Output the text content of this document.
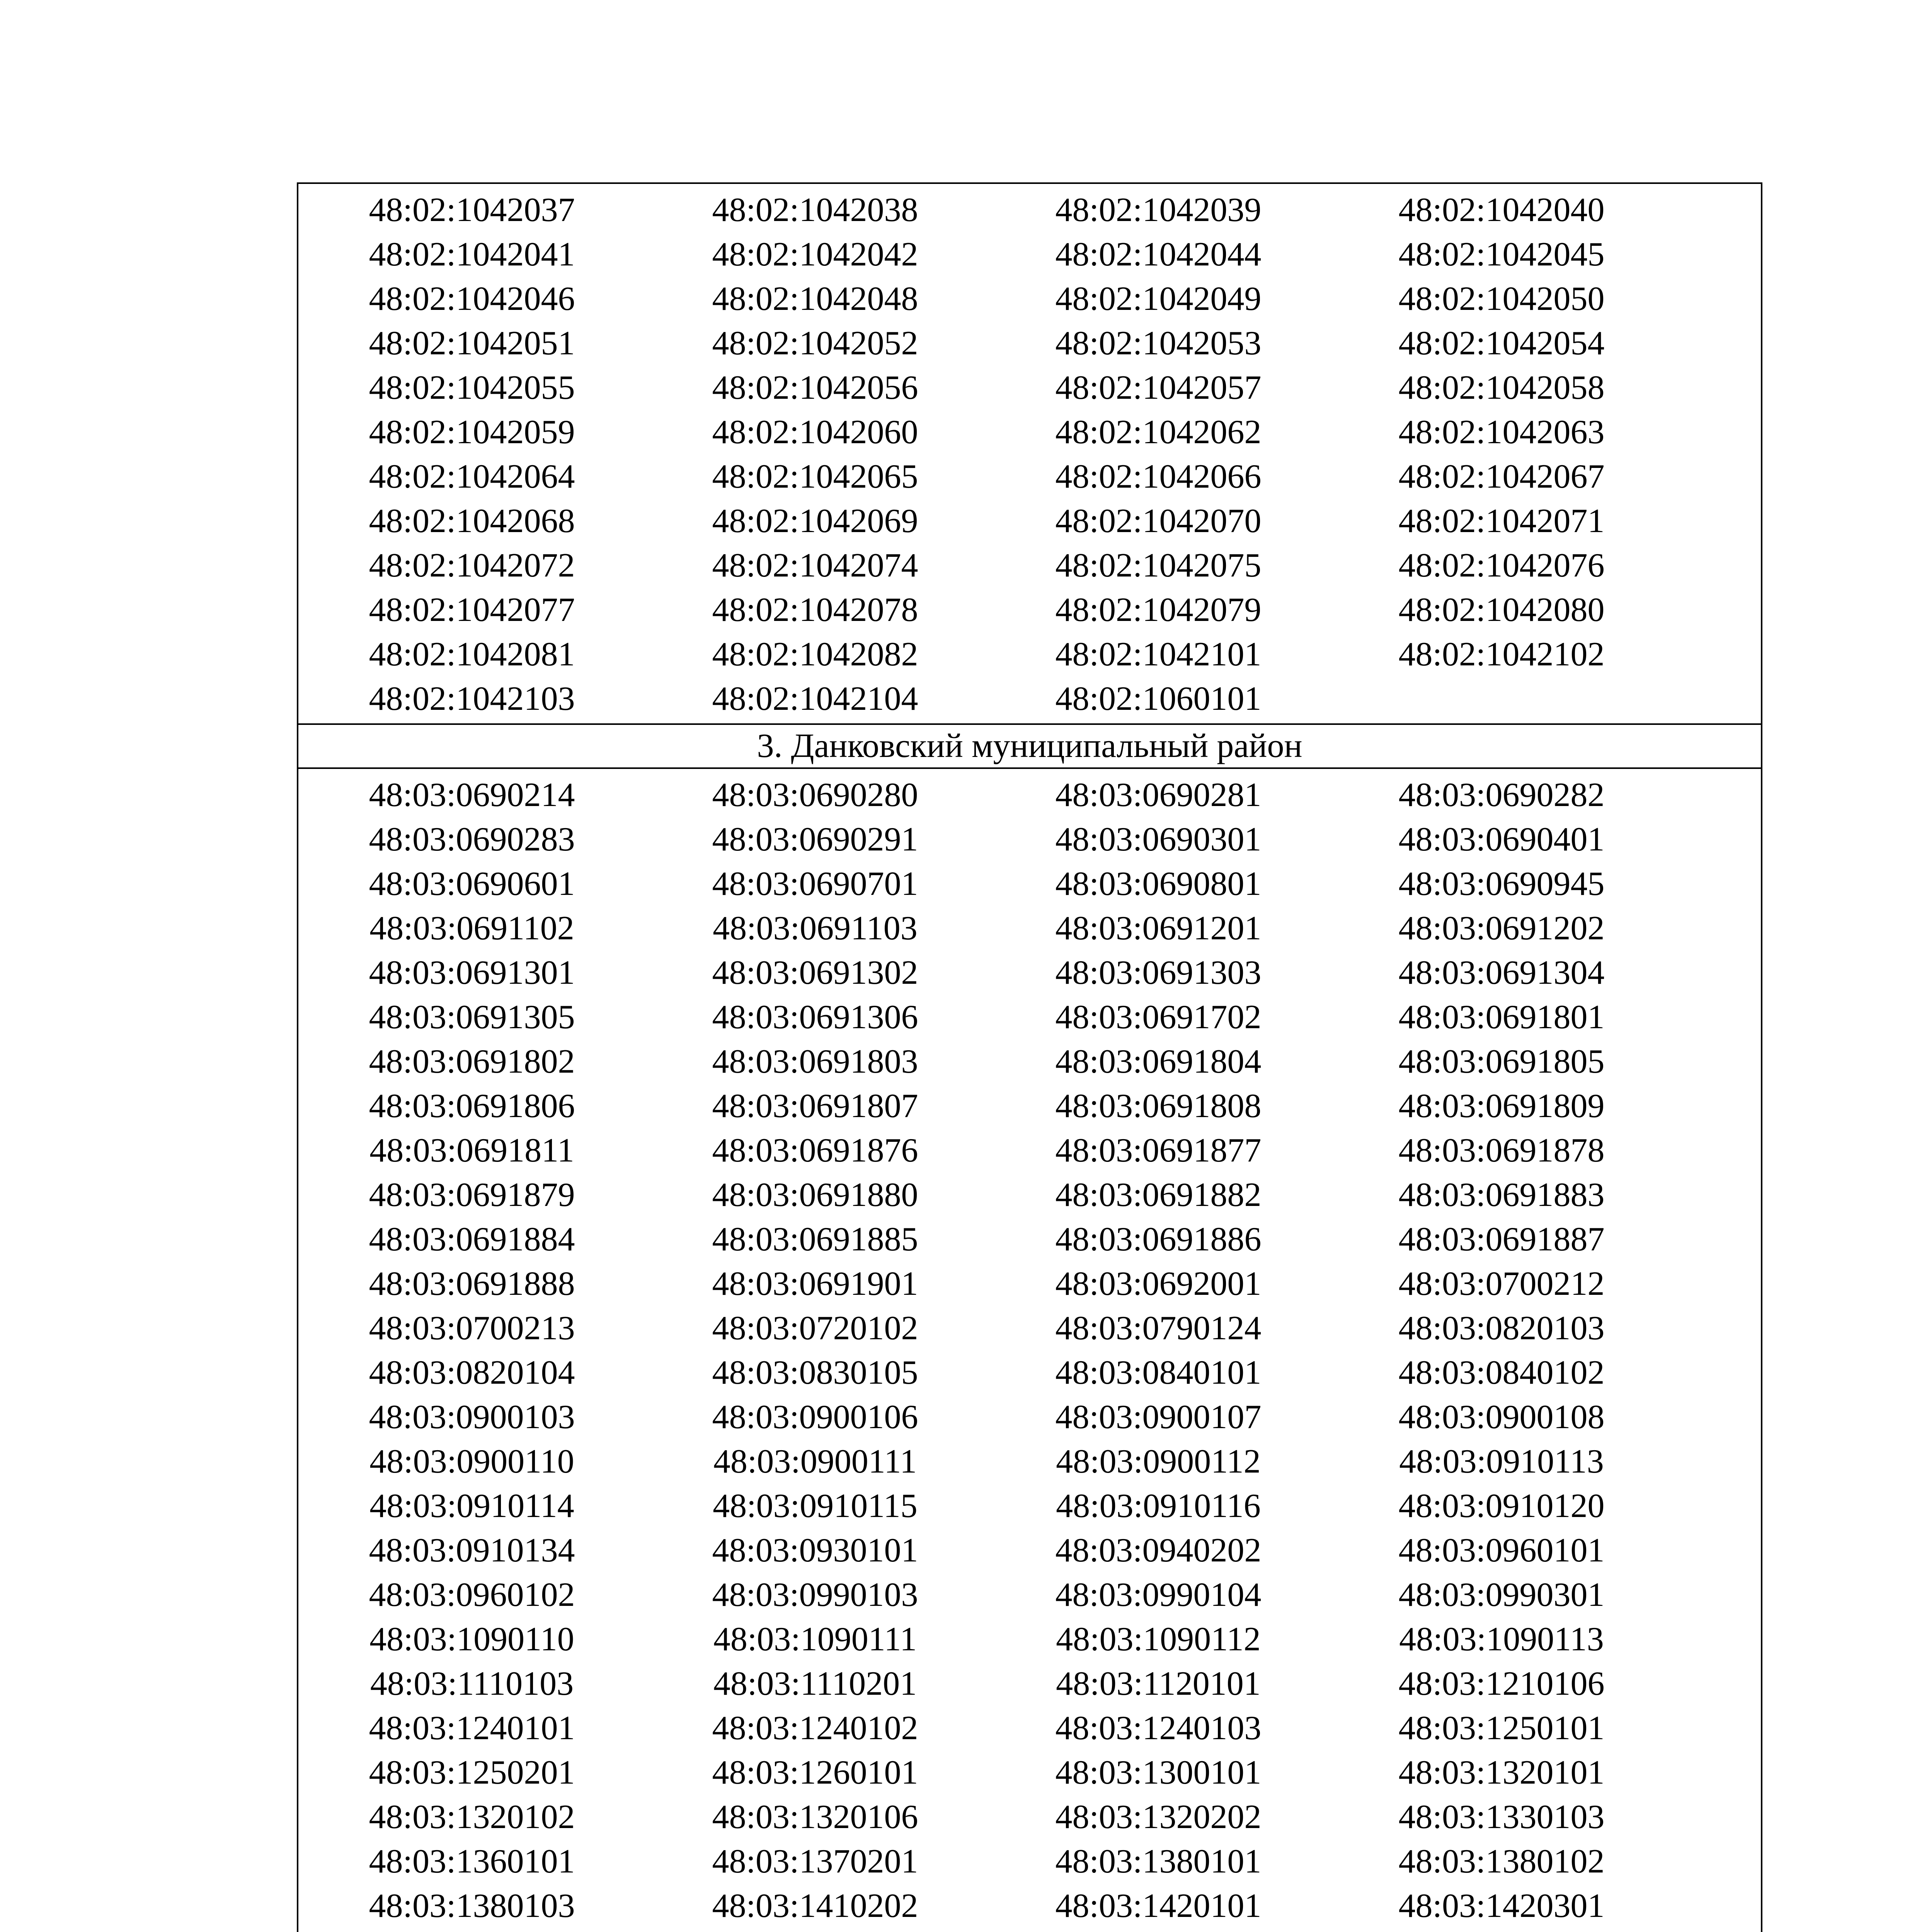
48:02:1042037	48:02:1042038	48:02:1042039	48:02:1042040
48:02:1042041	48:02:1042042	48:02:1042044	48:02:1042045
48:02:1042046	48:02:1042048	48:02:1042049	48:02:1042050
48:02:1042051	48:02:1042052	48:02:1042053	48:02:1042054
48:02:1042055	48:02:1042056	48:02:1042057	48:02:1042058
48:02:1042059	48:02:1042060	48:02:1042062	48:02:1042063
48:02:1042064	48:02:1042065	48:02:1042066	48:02:1042067
48:02:1042068	48:02:1042069	48:02:1042070	48:02:1042071
48:02:1042072	48:02:1042074	48:02:1042075	48:02:1042076
48:02:1042077	48:02:1042078	48:02:1042079	48:02:1042080
48:02:1042081	48:02:1042082	48:02:1042101	48:02:1042102
48:02:1042103	48:02:1042104	48:02:1060101
3. Данковский муниципальный район
48:03:0690214	48:03:0690280	48:03:0690281	48:03:0690282
48:03:0690283	48:03:0690291	48:03:0690301	48:03:0690401
48:03:0690601	48:03:0690701	48:03:0690801	48:03:0690945
48:03:0691102	48:03:0691103	48:03:0691201	48:03:0691202
48:03:0691301	48:03:0691302	48:03:0691303	48:03:0691304
48:03:0691305	48:03:0691306	48:03:0691702	48:03:0691801
48:03:0691802	48:03:0691803	48:03:0691804	48:03:0691805
48:03:0691806	48:03:0691807	48:03:0691808	48:03:0691809
48:03:0691811	48:03:0691876	48:03:0691877	48:03:0691878
48:03:0691879	48:03:0691880	48:03:0691882	48:03:0691883
48:03:0691884	48:03:0691885	48:03:0691886	48:03:0691887
48:03:0691888	48:03:0691901	48:03:0692001	48:03:0700212
48:03:0700213	48:03:0720102	48:03:0790124	48:03:0820103
48:03:0820104	48:03:0830105	48:03:0840101	48:03:0840102
48:03:0900103	48:03:0900106	48:03:0900107	48:03:0900108
48:03:0900110	48:03:0900111	48:03:0900112	48:03:0910113
48:03:0910114	48:03:0910115	48:03:0910116	48:03:0910120
48:03:0910134	48:03:0930101	48:03:0940202	48:03:0960101
48:03:0960102	48:03:0990103	48:03:0990104	48:03:0990301
48:03:1090110	48:03:1090111	48:03:1090112	48:03:1090113
48:03:1110103	48:03:1110201	48:03:1120101	48:03:1210106
48:03:1240101	48:03:1240102	48:03:1240103	48:03:1250101
48:03:1250201	48:03:1260101	48:03:1300101	48:03:1320101
48:03:1320102	48:03:1320106	48:03:1320202	48:03:1330103
48:03:1360101	48:03:1370201	48:03:1380101	48:03:1380102
48:03:1380103	48:03:1410202	48:03:1420101	48:03:1420301
